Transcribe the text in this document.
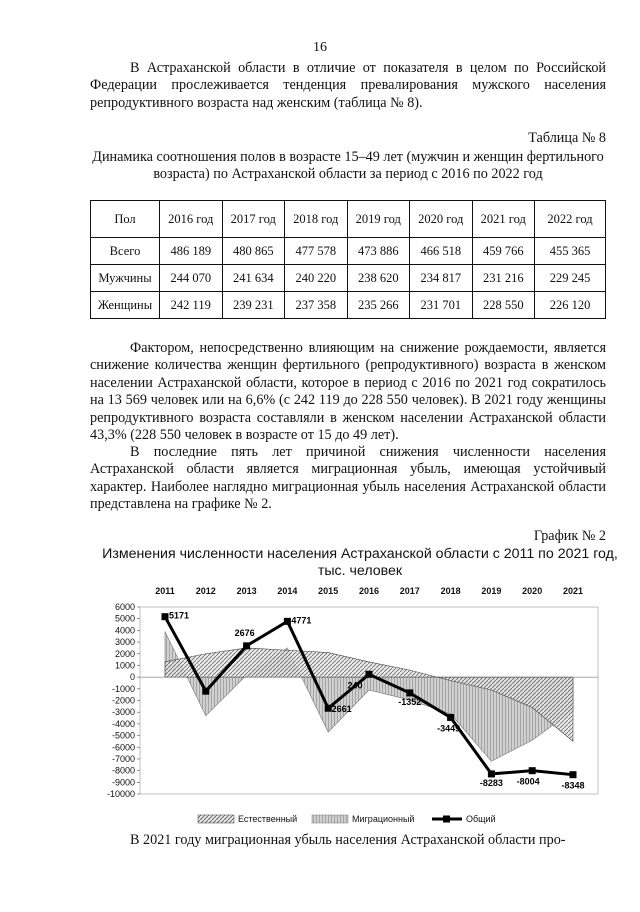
16

В Астраханской области в отличие от показателя в целом по Российской Федерации прослеживается тенденция превалирования мужского населения репродуктивного возраста над женским (таблица № 8).

Таблица № 8
Динамика соотношения полов в возрасте 15–49 лет (мужчин и женщин фертильного возраста) по Астраханской области за период с 2016 по 2022 год
Пол	2016 год	2017 год	2018 год	2019 год	2020 год	2021 год	2022 год
Всего	486 189	480 865	477 578	473 886	466 518	459 766	455 365
Мужчины	244 070	241 634	240 220	238 620	234 817	231 216	229 245
Женщины	242 119	239 231	237 358	235 266	231 701	228 550	226 120

Фактором, непосредственно влияющим на снижение рождаемости, является снижение количества женщин фертильного (репродуктивного) возраста в женском населении Астраханской области, которое в период с 2016 по 2021 год сократилось на 13 569 человек или на 6,6% (с 242 119 до 228 550 человек). В 2021 году женщины репродуктивного возраста составляли в женском населении Астраханской области 43,3% (228 550 человек в возрасте от 15 до 49 лет).

В последние пять лет причиной снижения численности населения Астраханской области является миграционная убыль, имеющая устойчивый характер. Наиболее наглядно миграционная убыль населения Астраханской области представлена на графике № 2.

График № 2
Изменения численности населения Астраханской области с 2011 по 2021 год, тыс. человек
6000
5000
4000
3000
2000
1000
0
-1000
-2000
-3000
-4000
-5000
-6000
-7000
-8000
-9000
-10000
2011 2012 2013 2014 2015 2016 2017 2018 2019 2020 2021
5171
2676
4771
-2661
240
-1352
-3449
-8283 -8004 -8348
Естественный	Миграционный	Общий

В 2021 году миграционная убыль населения Астраханской области про-
